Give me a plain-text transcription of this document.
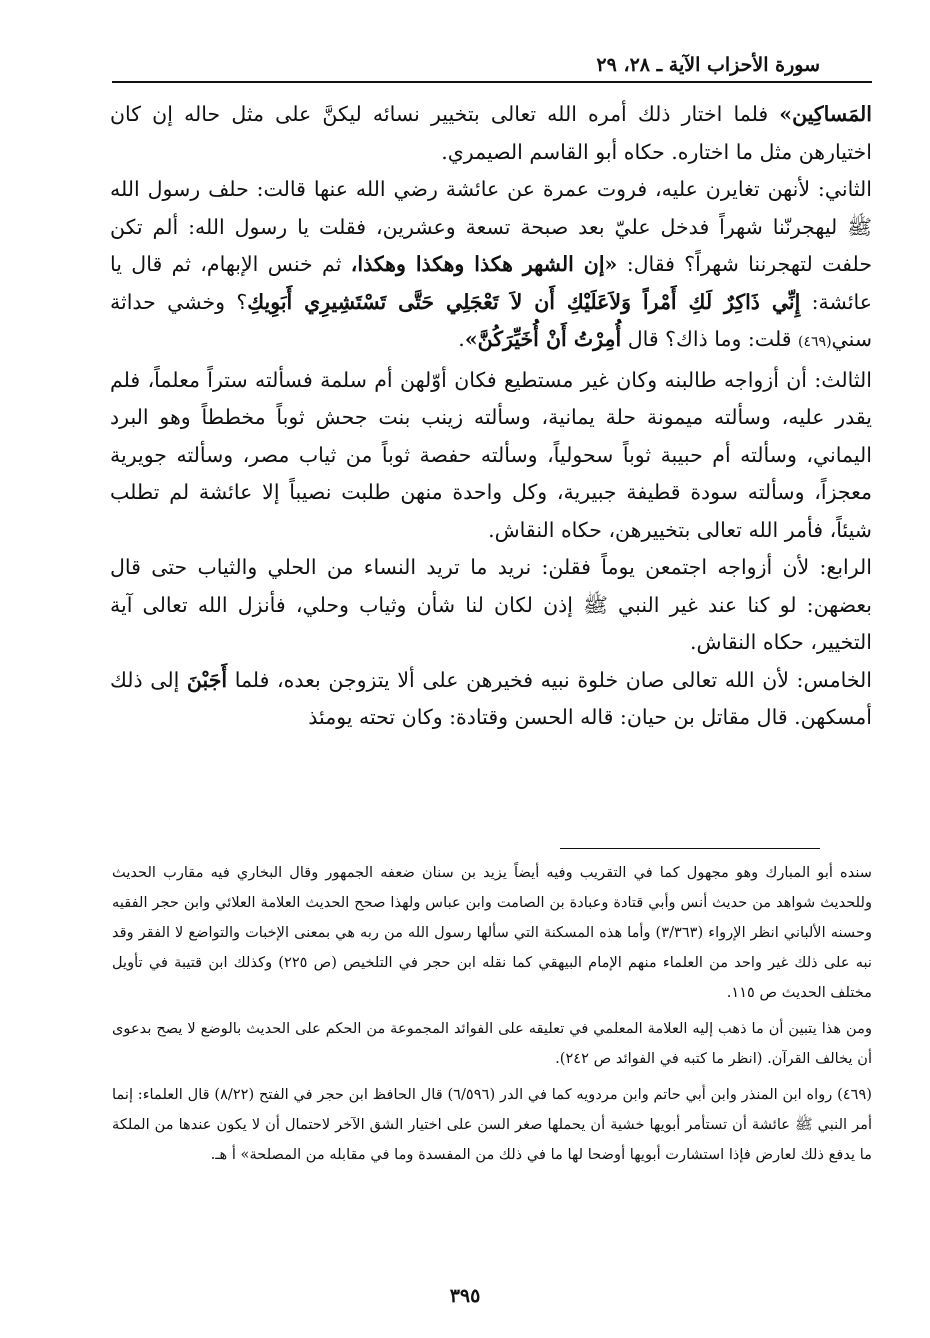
سورة الأحزاب الآية ـ ٢٨، ٢٩

المَساكِين» فلما اختار ذلك أمره الله تعالى بتخيير نسائه ليكنَّ على مثل حاله إن كان اختيارهن مثل ما اختاره. حكاه أبو القاسم الصيمري.

الثاني: لأنهن تغايرن عليه، فروت عمرة عن عائشة رضي الله عنها قالت: حلف رسول الله ﷺ ليهجرنّنا شهراً فدخل عليّ بعد صبحة تسعة وعشرين، فقلت يا رسول الله: ألم تكن حلفت لتهجرننا شهراً؟ فقال: «إن الشهر هكذا وهكذا وهكذا، ثم خنس الإبهام، ثم قال يا عائشة: إِنِّي ذَاكِرٌ لَكِ أَمْراً وَلاَعَلَيْكِ أَن لاَ تَعْجَلِي حَتَّى تَسْتَشِيرِي أَبَوِيكِ؟ وخشي حداثة سني(٤٦٩) قلت: وما ذاك؟ قال أُمِرْتُ أَنْ أُخَيِّرَكُنَّ».

الثالث: أن أزواجه طالبنه وكان غير مستطيع فكان أوّلهن أم سلمة فسألته ستراً معلماً، فلم يقدر عليه، وسألته ميمونة حلة يمانية، وسألته زينب بنت جحش ثوباً مخططاً وهو البرد اليماني، وسألته أم حبيبة ثوباً سحولياً، وسألته حفصة ثوباً من ثياب مصر، وسألته جويرية معجزاً، وسألته سودة قطيفة جبيرية، وكل واحدة منهن طلبت نصيباً إلا عائشة لم تطلب شيئاً، فأمر الله تعالى بتخييرهن، حكاه النقاش.

الرابع: لأن أزواجه اجتمعن يوماً فقلن: نريد ما تريد النساء من الحلي والثياب حتى قال بعضهن: لو كنا عند غير النبي ﷺ إذن لكان لنا شأن وثياب وحلي، فأنزل الله تعالى آية التخيير، حكاه النقاش.

الخامس: لأن الله تعالى صان خلوة نبيه فخيرهن على ألا يتزوجن بعده، فلما أَجَبْنَ إلى ذلك أمسكهن. قال مقاتل بن حيان: قاله الحسن وقتادة: وكان تحته يومئذ

سنده أبو المبارك وهو مجهول كما في التقريب وفيه أيضاً يزيد بن سنان ضعفه الجمهور وقال البخاري فيه مقارب الحديث وللحديث شواهد من حديث أنس وأبي قتادة وعبادة بن الصامت وابن عباس ولهذا صحح الحديث العلامة العلائي وابن حجر الفقيه وحسنه الألباني انظر الإرواء (٣/٣٦٣) وأما هذه المسكنة التي سألها رسول الله من ربه هي بمعنى الإخبات والتواضع لا الفقر وقد نبه على ذلك غير واحد من العلماء منهم الإمام البيهقي كما نقله ابن حجر في التلخيص (ص ٢٢٥) وكذلك ابن قتيبة في تأويل مختلف الحديث ص ١١٥.

ومن هذا يتبين أن ما ذهب إليه العلامة المعلمي في تعليقه على الفوائد المجموعة من الحكم على الحديث بالوضع لا يصح بدعوى أن يخالف القرآن. (انظر ما كتبه في الفوائد ص ٢٤٢).

(٤٦٩) رواه ابن المنذر وابن أبي حاتم وابن مردويه كما في الدر (٦/٥٩٦) قال الحافظ ابن حجر في الفتح (٨/٢٢) قال العلماء: إنما أمر النبي ﷺ عائشة أن تستأمر أبويها خشية أن يحملها صغر السن على اختيار الشق الآخر لاحتمال أن لا يكون عندها من الملكة ما يدفع ذلك لعارض فإذا استشارت أبويها أوضحا لها ما في ذلك من المفسدة وما في مقابله من المصلحة» أ هـ.

٣٩٥
